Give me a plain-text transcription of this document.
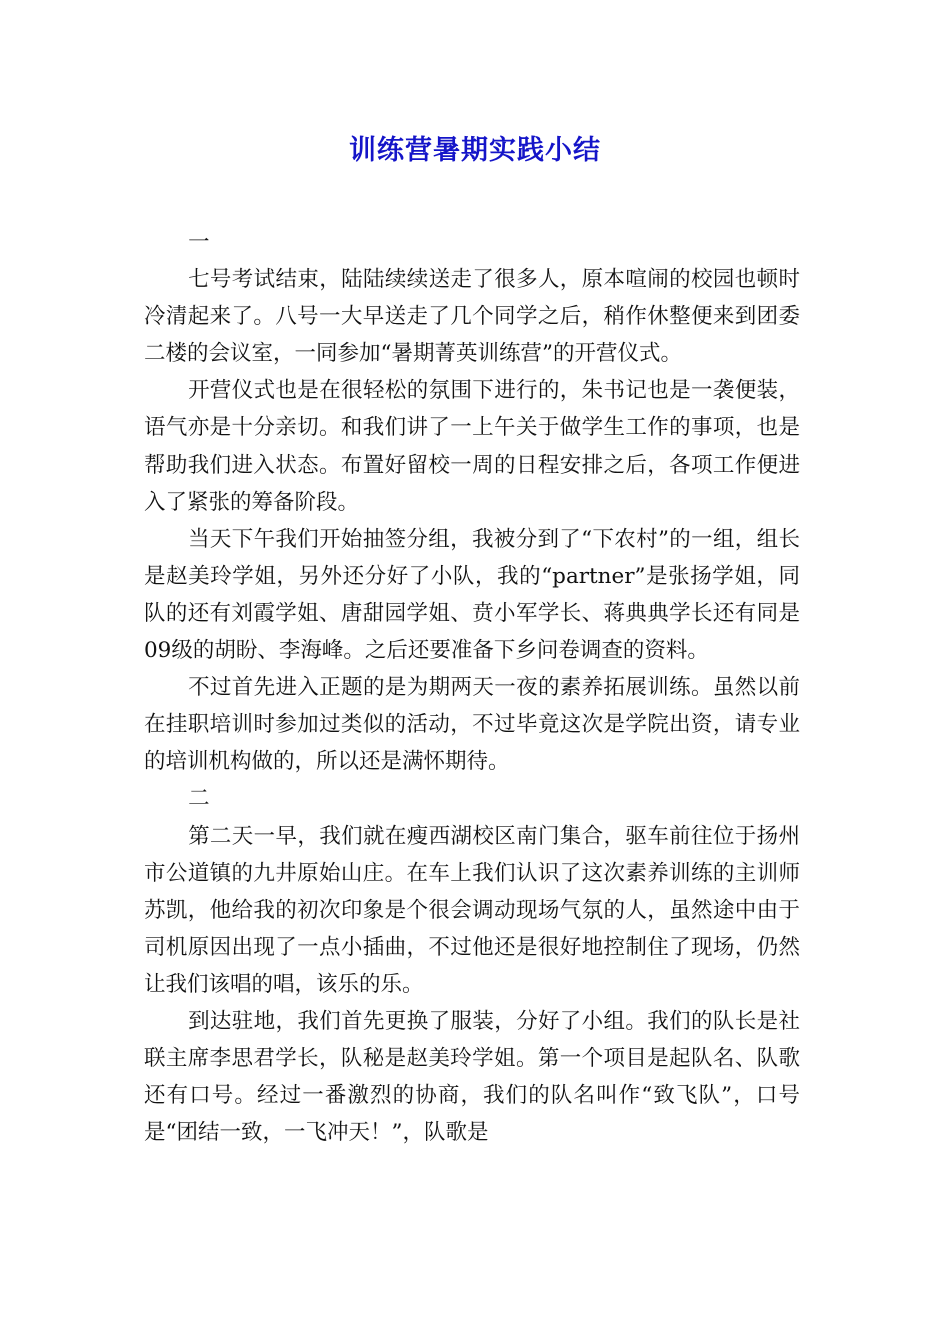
训练营暑期实践小结

一

七号考试结束，陆陆续续送走了很多人，原本喧闹的校园也顿时冷清起来了。八号一大早送走了几个同学之后，稍作休整便来到团委二楼的会议室，一同参加“暑期菁英训练营”的开营仪式。

开营仪式也是在很轻松的氛围下进行的，朱书记也是一袭便装，语气亦是十分亲切。和我们讲了一上午关于做学生工作的事项，也是帮助我们进入状态。布置好留校一周的日程安排之后，各项工作便进入了紧张的筹备阶段。

当天下午我们开始抽签分组，我被分到了“下农村”的一组，组长是赵美玲学姐，另外还分好了小队，我的“partner”是张扬学姐，同队的还有刘霞学姐、唐甜园学姐、贲小军学长、蒋典典学长还有同是09级的胡盼、李海峰。之后还要准备下乡问卷调查的资料。

不过首先进入正题的是为期两天一夜的素养拓展训练。虽然以前在挂职培训时参加过类似的活动，不过毕竟这次是学院出资，请专业的培训机构做的，所以还是满怀期待。

二

第二天一早，我们就在瘦西湖校区南门集合，驱车前往位于扬州市公道镇的九井原始山庄。在车上我们认识了这次素养训练的主训师苏凯，他给我的初次印象是个很会调动现场气氛的人，虽然途中由于司机原因出现了一点小插曲，不过他还是很好地控制住了现场，仍然让我们该唱的唱，该乐的乐。

到达驻地，我们首先更换了服装，分好了小组。我们的队长是社联主席李思君学长，队秘是赵美玲学姐。第一个项目是起队名、队歌还有口号。经过一番激烈的协商，我们的队名叫作“致飞队”，口号是“团结一致，一飞冲天！”，队歌是
